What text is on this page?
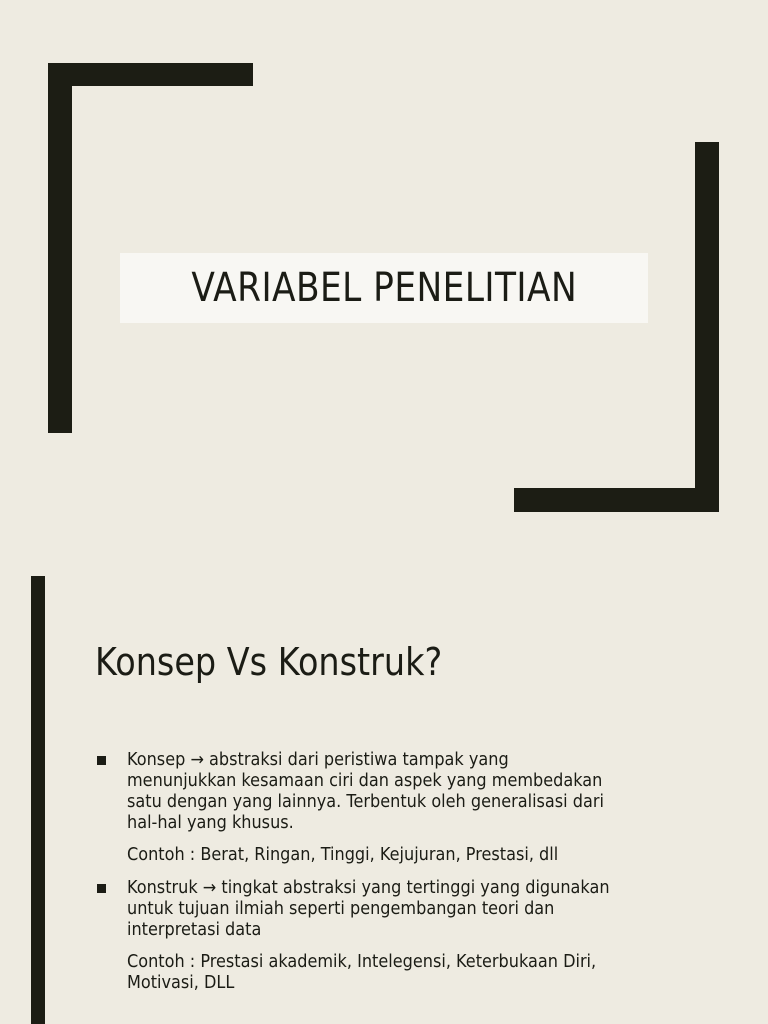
VARIABEL PENELITIAN
Konsep Vs Konstruk?
Konsep → abstraksi dari peristiwa tampak yang
menunjukkan kesamaan ciri dan aspek yang membedakan
satu dengan yang lainnya. Terbentuk oleh generalisasi dari
hal-hal yang khusus.
Contoh : Berat, Ringan, Tinggi, Kejujuran, Prestasi, dll
Konstruk → tingkat abstraksi yang tertinggi yang digunakan
untuk tujuan ilmiah seperti pengembangan teori dan
interpretasi data
Contoh : Prestasi akademik, Intelegensi, Keterbukaan Diri,
Motivasi, DLL
